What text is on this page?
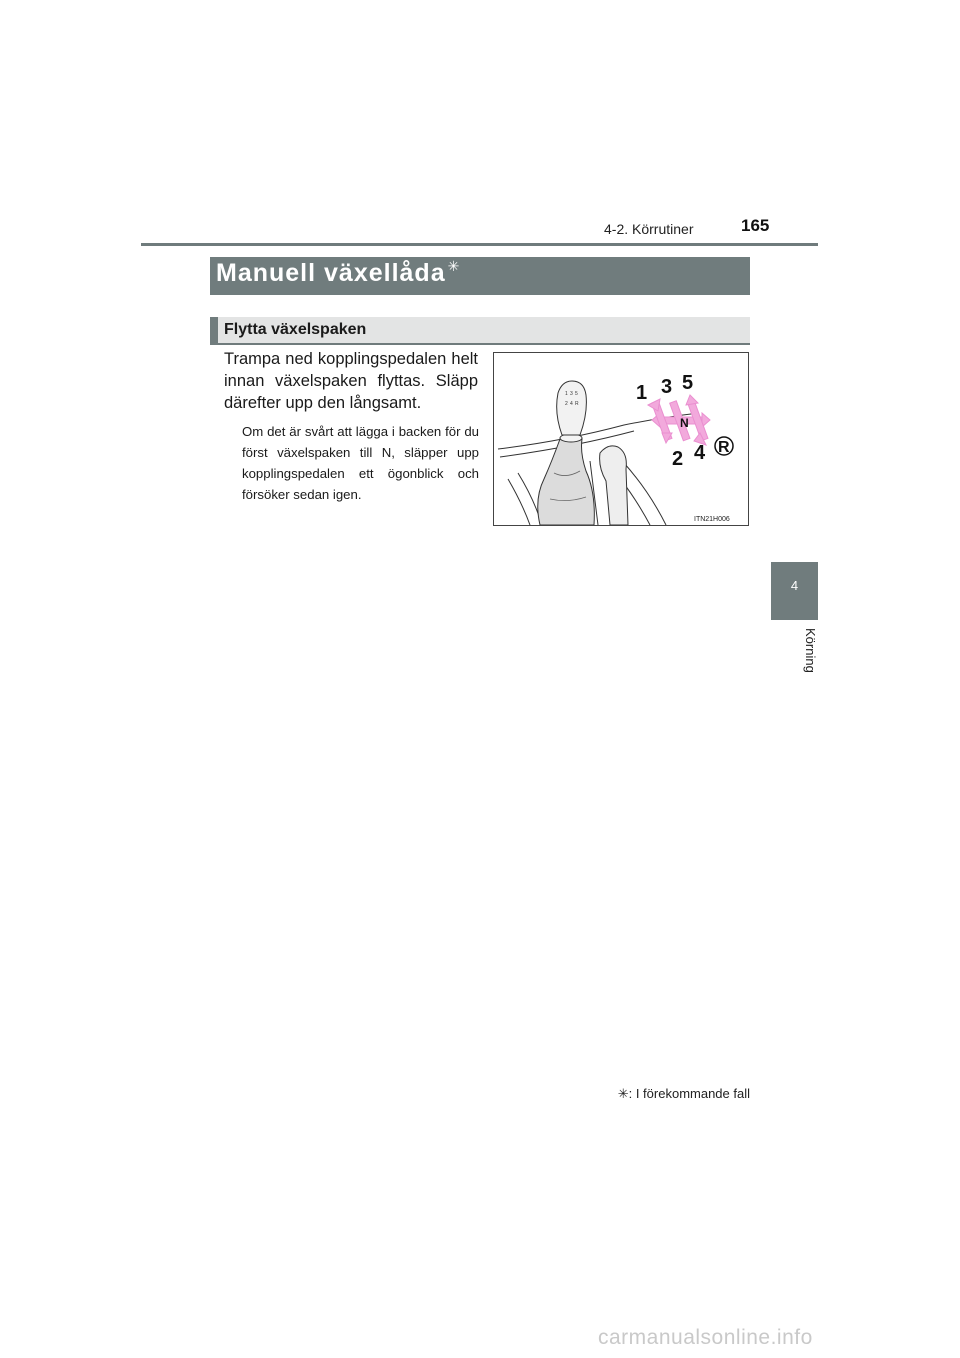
4-2. Körrutiner	165
Manuell växellåda ✳
Flytta växelspaken
Trampa ned kopplingspedalen helt innan växelspaken flyttas. Släpp därefter upp den långsamt.
Om det är svårt att lägga i backen för du först växelspaken till N, släpper upp kopplingspedalen ett ögonblick och försöker sedan igen.
1 3 5
2 4 R	1 3 5
N
2 4 R
ITN21H006
4
Körning
✳: I förekommande fall
carmanualsonline.info
